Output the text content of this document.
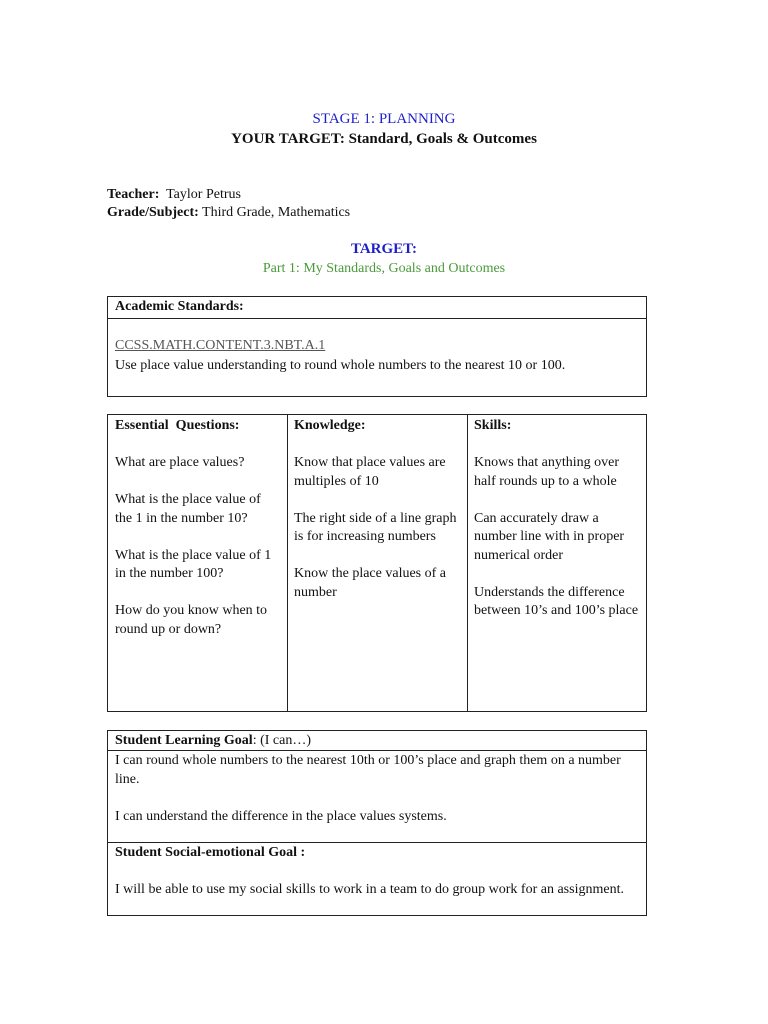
STAGE 1: PLANNING
YOUR TARGET: Standard, Goals & Outcomes
Teacher: Taylor Petrus
Grade/Subject: Third Grade, Mathematics
TARGET:
Part 1: My Standards, Goals and Outcomes
Academic Standards:
CCSS.MATH.CONTENT.3.NBT.A.1
Use place value understanding to round whole numbers to the nearest 10 or 100.

Essential  Questions:

What are place values?

What is the place value of the 1 in the number 10?

What is the place value of 1 in the number 100?

How do you know when to round up or down?

Knowledge:

Know that place values are multiples of 10

The right side of a line graph is for increasing numbers

Know the place values of a number

Skills:

Knows that anything over half rounds up to a whole

Can accurately draw a number line with in proper numerical order

Understands the difference between 10’s and 100’s place

Student Learning Goal: (I can…)

I can round whole numbers to the nearest 10th or 100’s place and graph them on a number line.

I can understand the difference in the place values systems.

Student Social-emotional Goal :
I will be able to use my social skills to work in a team to do group work for an assignment.
